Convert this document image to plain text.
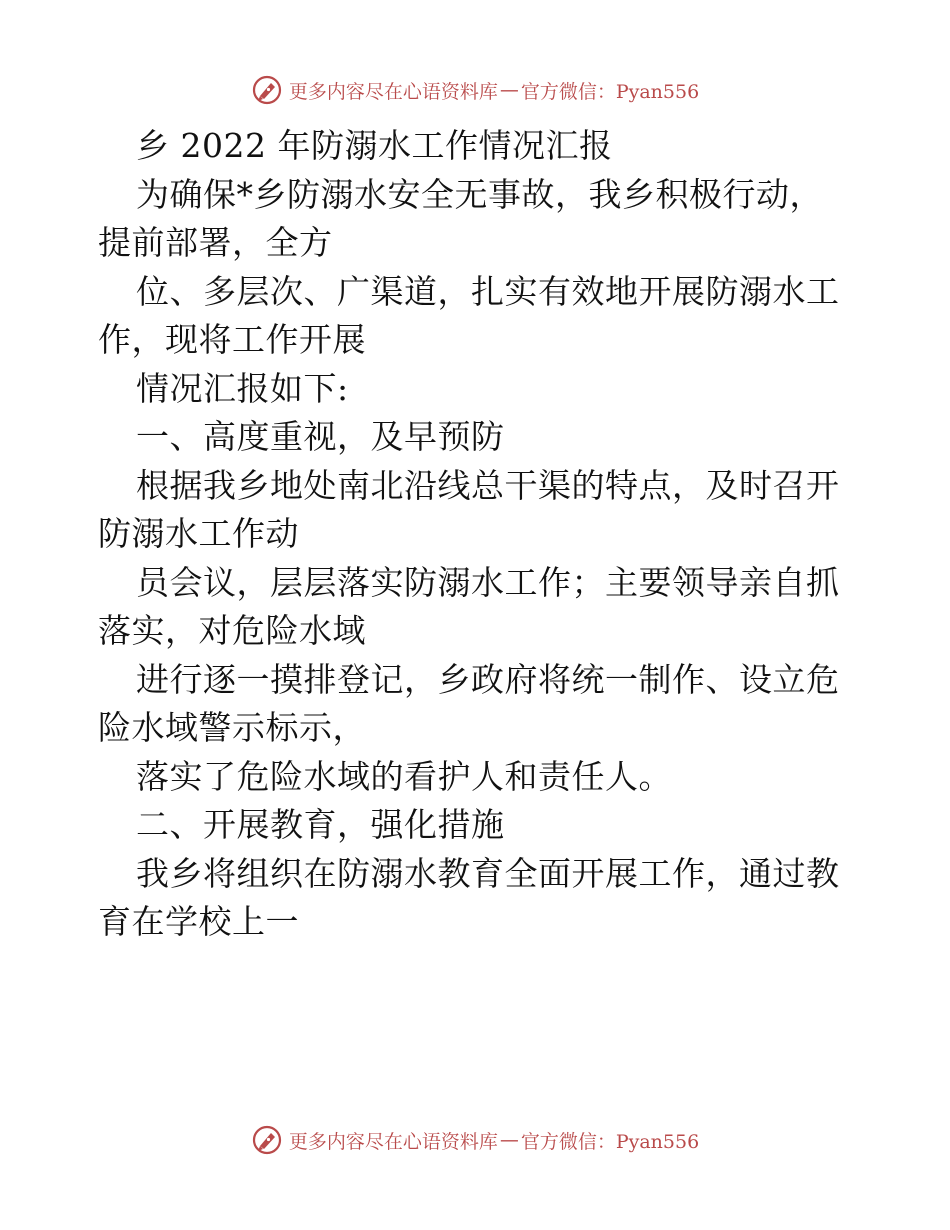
更多内容尽在心语资料库 — 官方微信：Pyan556
乡 2022 年防溺水工作情况汇报
为确保*乡防溺水安全无事故，我乡积极行动，
提前部署，全方
位、多层次、广渠道，扎实有效地开展防溺水工
作，现将工作开展
情况汇报如下:
一、高度重视，及早预防
根据我乡地处南北沿线总干渠的特点，及时召开
防溺水工作动
员会议，层层落实防溺水工作；主要领导亲自抓
落实，对危险水域
进行逐一摸排登记，乡政府将统一制作、设立危
险水域警示标示，
落实了危险水域的看护人和责任人。
二、开展教育，强化措施
我乡将组织在防溺水教育全面开展工作，通过教
育在学校上一
更多内容尽在心语资料库 — 官方微信：Pyan556
